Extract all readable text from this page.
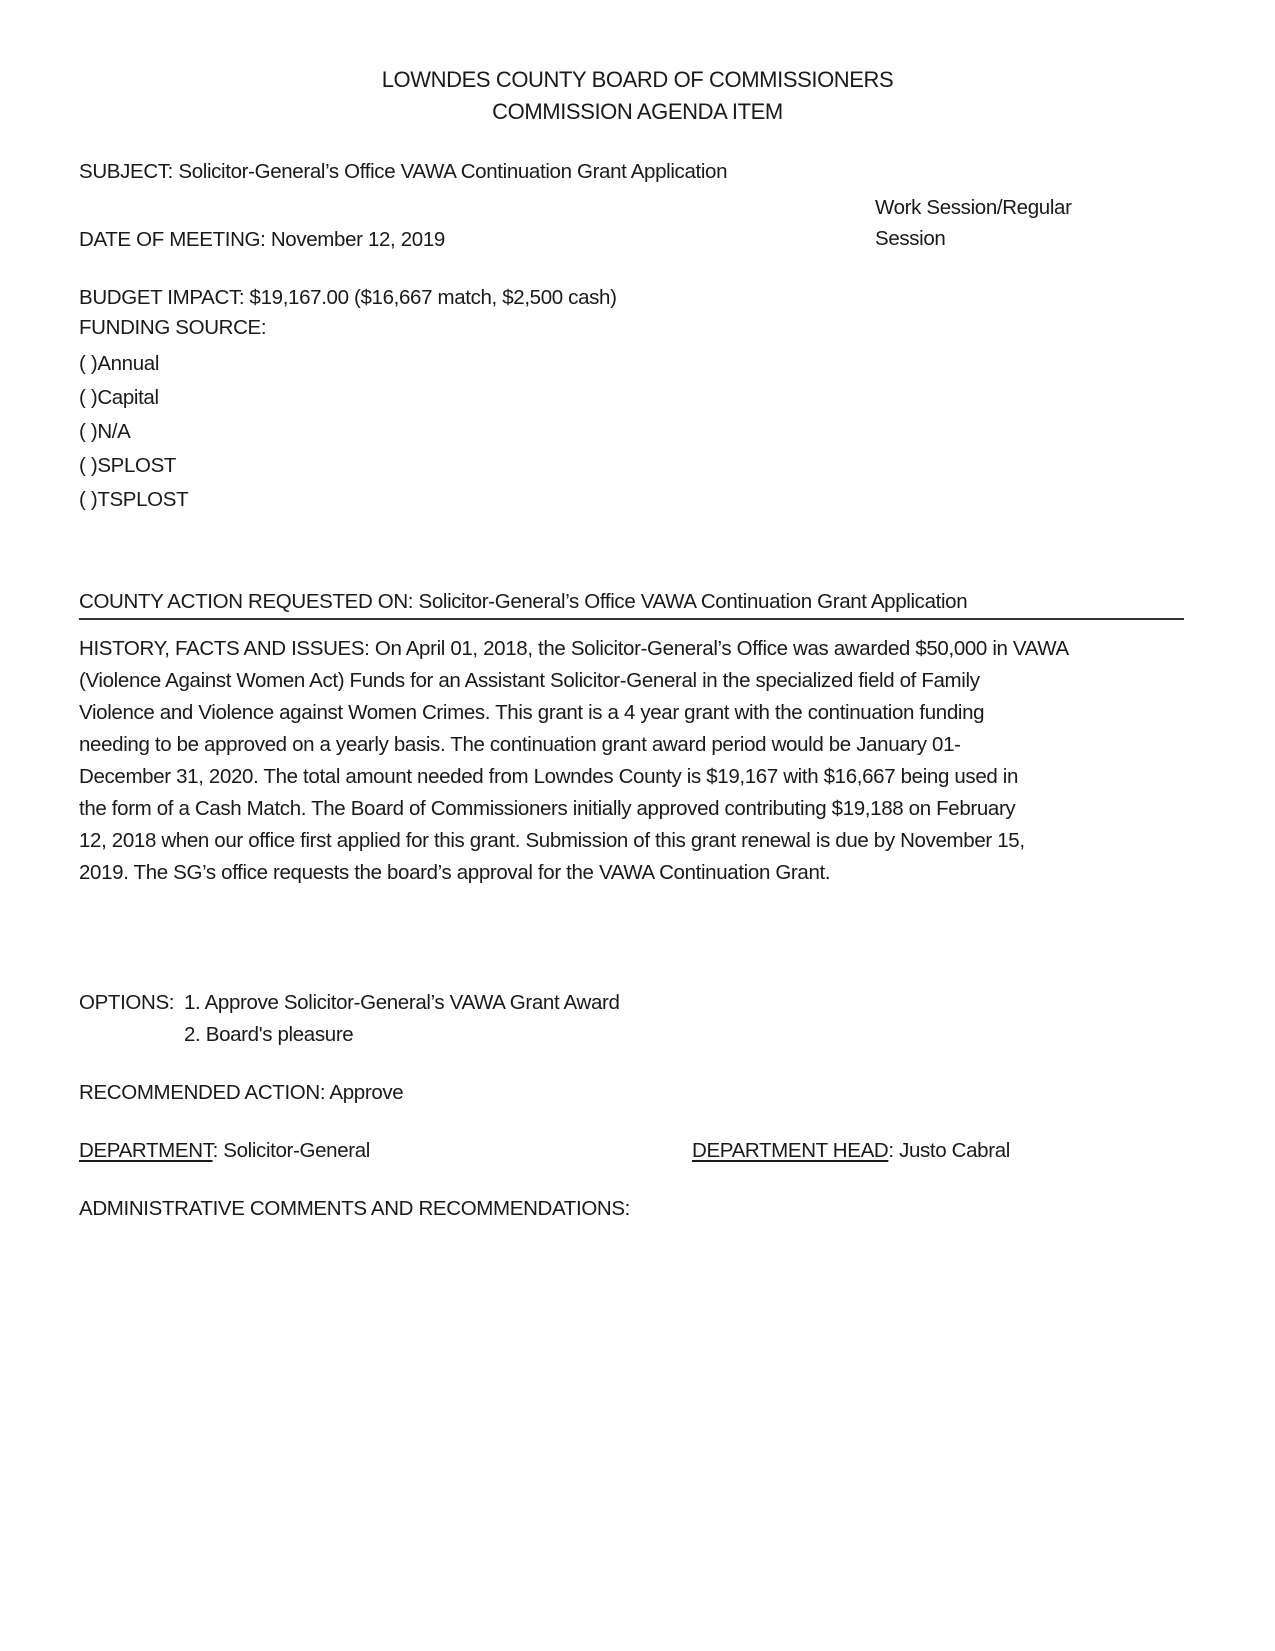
LOWNDES COUNTY BOARD OF COMMISSIONERS
COMMISSION AGENDA ITEM
SUBJECT: Solicitor-General’s Office VAWA Continuation Grant Application
Work Session/Regular
Session
DATE OF MEETING: November 12, 2019
BUDGET IMPACT: $19,167.00 ($16,667 match, $2,500 cash)
FUNDING SOURCE:
( )Annual
( )Capital
( )N/A
( )SPLOST
( )TSPLOST
COUNTY ACTION REQUESTED ON: Solicitor-General’s Office VAWA Continuation Grant Application
HISTORY, FACTS AND ISSUES: On April 01, 2018, the Solicitor-General’s Office was awarded $50,000 in VAWA
(Violence Against Women Act) Funds for an Assistant Solicitor-General in the specialized field of Family
Violence and Violence against Women Crimes. This grant is a 4 year grant with the continuation funding
needing to be approved on a yearly basis. The continuation grant award period would be January 01-
December 31, 2020. The total amount needed from Lowndes County is $19,167 with $16,667 being used in
the form of a Cash Match. The Board of Commissioners initially approved contributing $19,188 on February
12, 2018 when our office first applied for this grant. Submission of this grant renewal is due by November 15,
2019. The SG’s office requests the board’s approval for the VAWA Continuation Grant.
OPTIONS: 1. Approve Solicitor-General’s VAWA Grant Award
2. Board's pleasure
RECOMMENDED ACTION: Approve
DEPARTMENT: Solicitor-General	DEPARTMENT HEAD: Justo Cabral
ADMINISTRATIVE COMMENTS AND RECOMMENDATIONS:
